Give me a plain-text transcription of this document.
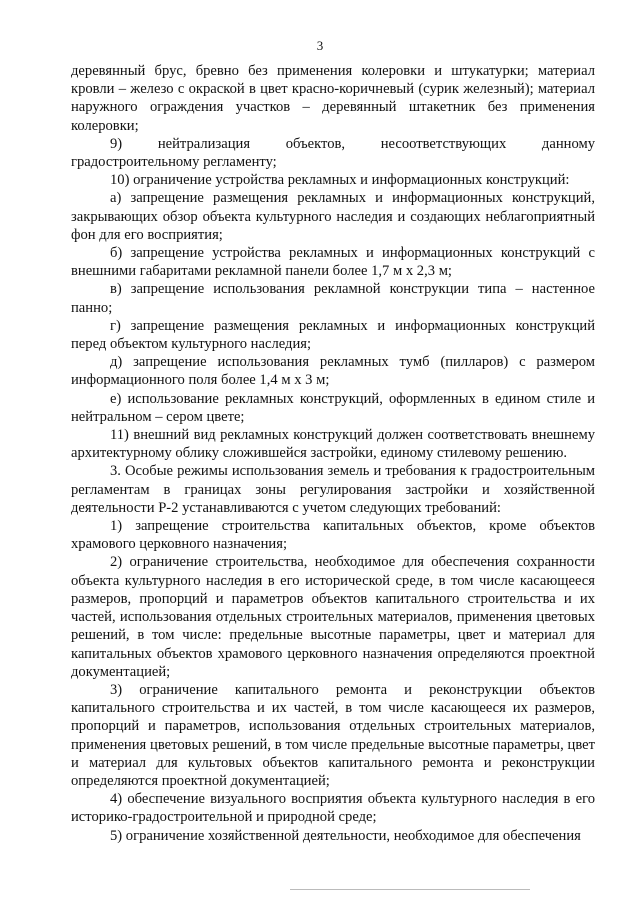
3

деревянный брус, бревно без применения колеровки и штукатурки; материал кровли – железо с окраской в цвет красно-коричневый (сурик железный); материал наружного ограждения участков – деревянный штакетник без применения колеровки;

9) нейтрализация объектов, несоответствующих данному градостроительному регламенту;

10) ограничение устройства рекламных и информационных конструкций:

а) запрещение размещения рекламных и информационных конструкций, закрывающих обзор объекта культурного наследия и создающих неблагоприятный фон для его восприятия;

б) запрещение устройства рекламных и информационных конструкций с внешними габаритами рекламной панели более 1,7 м х 2,3 м;

в) запрещение использования рекламной конструкции типа – настенное панно;

г) запрещение размещения рекламных и информационных конструкций перед объектом культурного наследия;

д) запрещение использования рекламных тумб (пилларов) с размером информационного поля более 1,4 м х 3 м;

е) использование рекламных конструкций, оформленных в едином стиле и нейтральном – сером цвете;

11) внешний вид рекламных конструкций должен соответствовать внешнему архитектурному облику сложившейся застройки, единому стилевому решению.

3. Особые режимы использования земель и требования к градостроительным регламентам в границах зоны регулирования застройки и хозяйственной деятельности Р-2 устанавливаются с учетом следующих требований:

1) запрещение строительства капитальных объектов, кроме объектов храмового церковного назначения;

2) ограничение строительства, необходимое для обеспечения сохранности объекта культурного наследия в его исторической среде, в том числе касающееся размеров, пропорций и параметров объектов капитального строительства и их частей, использования отдельных строительных материалов, применения цветовых решений, в том числе: предельные высотные параметры, цвет и материал для капитальных объектов храмового церковного назначения определяются проектной документацией;

3) ограничение капитального ремонта и реконструкции объектов капитального строительства и их частей, в том числе касающееся их размеров, пропорций и параметров, использования отдельных строительных материалов, применения цветовых решений, в том числе предельные высотные параметры, цвет и материал для культовых объектов капитального ремонта и реконструкции определяются проектной документацией;

4) обеспечение визуального восприятия объекта культурного наследия в его историко-градостроительной и природной среде;

5) ограничение хозяйственной деятельности, необходимое для обеспечения
